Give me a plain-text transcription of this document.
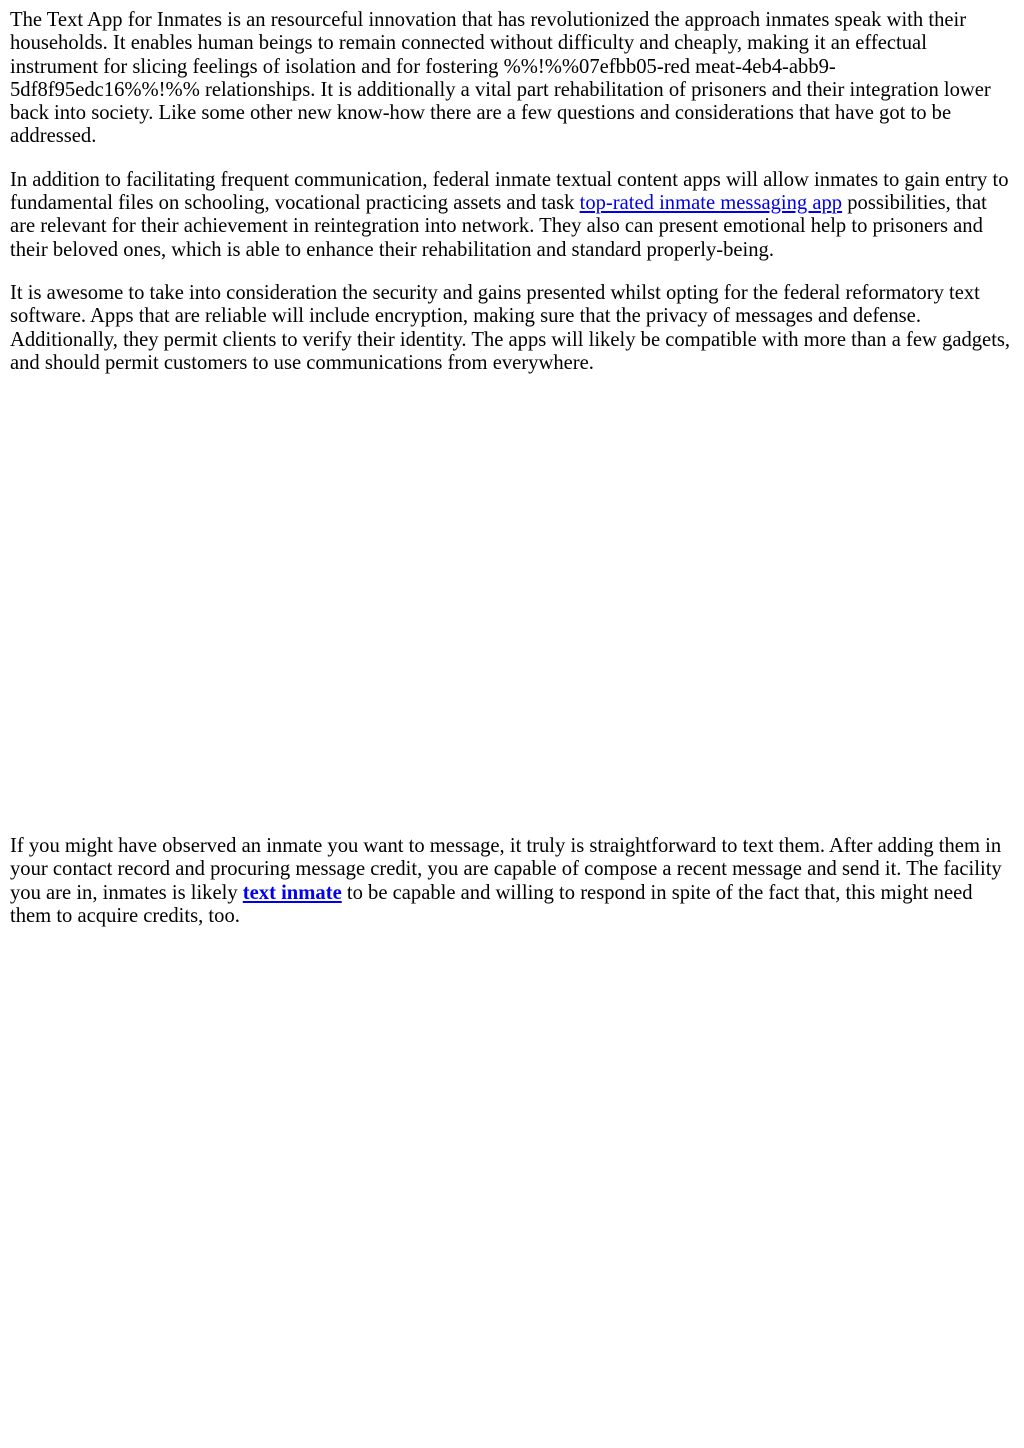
The Text App for Inmates is an resourceful innovation that has revolutionized the approach inmates speak with their households. It enables human beings to remain connected without difficulty and cheaply, making it an effectual instrument for slicing feelings of isolation and for fostering %%!%%07efbb05-red meat-4eb4-abb9-5df8f95edc16%%!%% relationships. It is additionally a vital part rehabilitation of prisoners and their integration lower back into society. Like some other new know-how there are a few questions and considerations that have got to be addressed.

In addition to facilitating frequent communication, federal inmate textual content apps will allow inmates to gain entry to fundamental files on schooling, vocational practicing assets and task top-rated inmate messaging app possibilities, that are relevant for their achievement in reintegration into network. They also can present emotional help to prisoners and their beloved ones, which is able to enhance their rehabilitation and standard properly-being.

It is awesome to take into consideration the security and gains presented whilst opting for the federal reformatory text software. Apps that are reliable will include encryption, making sure that the privacy of messages and defense. Additionally, they permit clients to verify their identity. The apps will likely be compatible with more than a few gadgets, and should permit customers to use communications from everywhere.

If you might have observed an inmate you want to message, it truly is straightforward to text them. After adding them in your contact record and procuring message credit, you are capable of compose a recent message and send it. The facility you are in, inmates is likely text inmate to be capable and willing to respond in spite of the fact that, this might need them to acquire credits, too.
